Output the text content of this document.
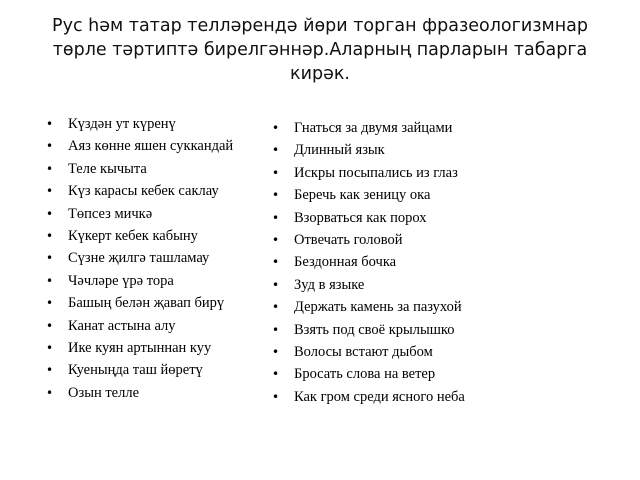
Рус һәм татар телләрендә йөри торган фразеологизмнар төрле тәртиптә бирелгәннәр.Аларның парларын табарга кирәк.
• Күздән ут күренү
• Аяз көнне яшен суккандай
• Теле кычыта
• Күз карасы кебек саклау
• Төпсез мичкә
• Күкерт кебек кабыну
• Сүзне җилгә ташламау
• Чәчләре үрә тора
• Башың белән җавап бирү
• Канат астына алу
• Ике куян артыннан куу
• Куеныңда таш йөретү
• Озын телле
• Гнаться за двумя зайцами
• Длинный язык
• Искры посыпались из глаз
• Беречь как зеницу ока
• Взорваться как порох
• Отвечать головой
• Бездонная бочка
• Зуд в языке
• Держать камень за пазухой
• Взять под своё крылышко
• Волосы встают дыбом
• Бросать слова на ветер
• Как гром среди ясного неба
